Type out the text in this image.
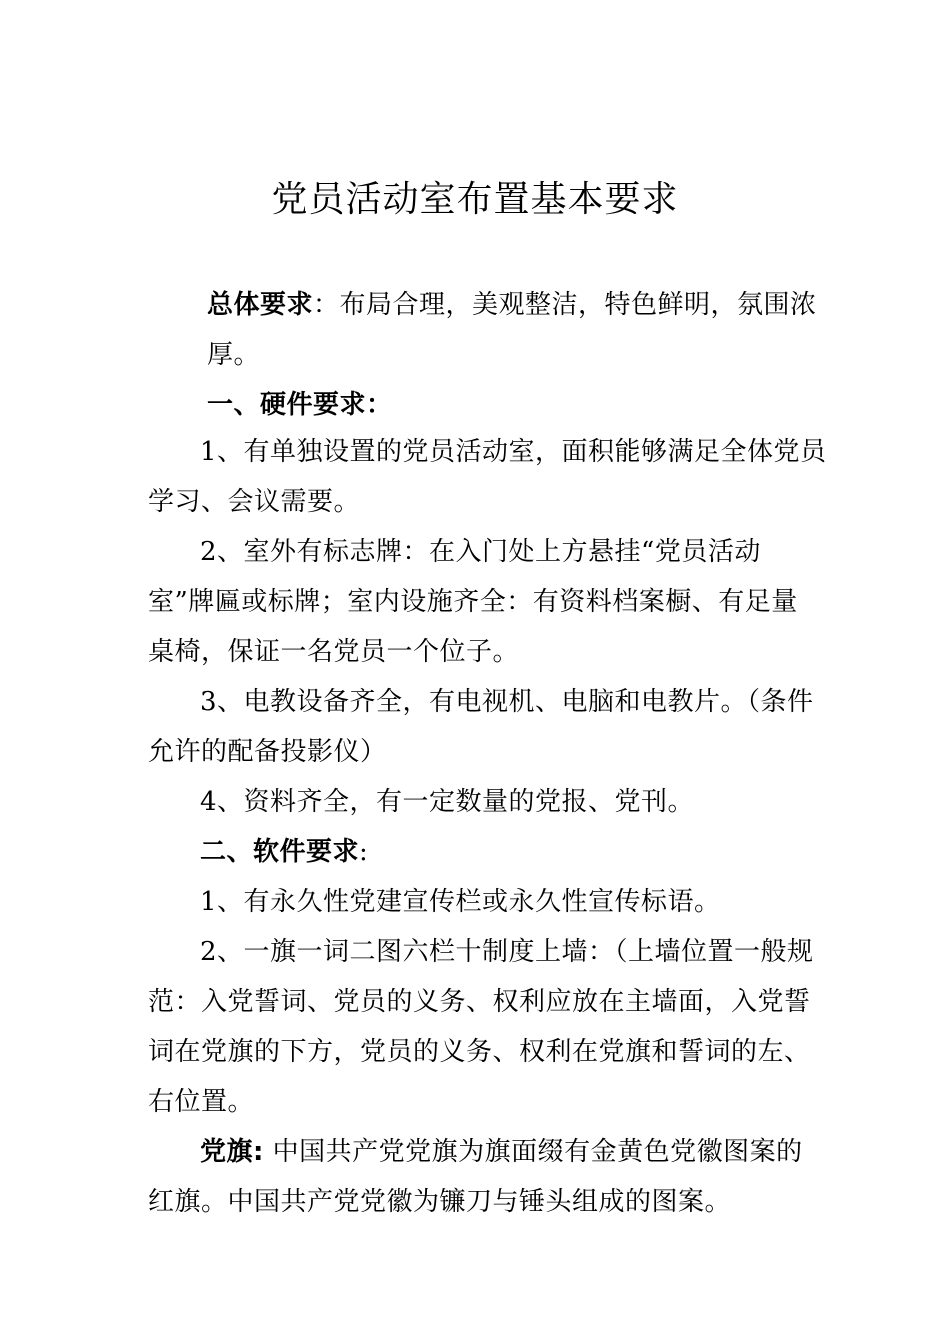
党员活动室布置基本要求
总体要求：布局合理，美观整洁，特色鲜明，氛围浓
厚。
一、硬件要求：
1、有单独设置的党员活动室，面积能够满足全体党员
学习、会议需要。
2、室外有标志牌：在入门处上方悬挂“党员活动
室”牌匾或标牌；室内设施齐全：有资料档案橱、有足量
桌椅，保证一名党员一个位子。
3、电教设备齐全，有电视机、电脑和电教片。（条件
允许的配备投影仪）
4、资料齐全，有一定数量的党报、党刊。
二、软件要求:
1、有永久性党建宣传栏或永久性宣传标语。
2、一旗一词二图六栏十制度上墙：（上墙位置一般规
范：入党誓词、党员的义务、权利应放在主墙面，入党誓
词在党旗的下方，党员的义务、权利在党旗和誓词的左、
右位置。
党旗: 中国共产党党旗为旗面缀有金黄色党徽图案的
红旗。中国共产党党徽为镰刀与锤头组成的图案。
